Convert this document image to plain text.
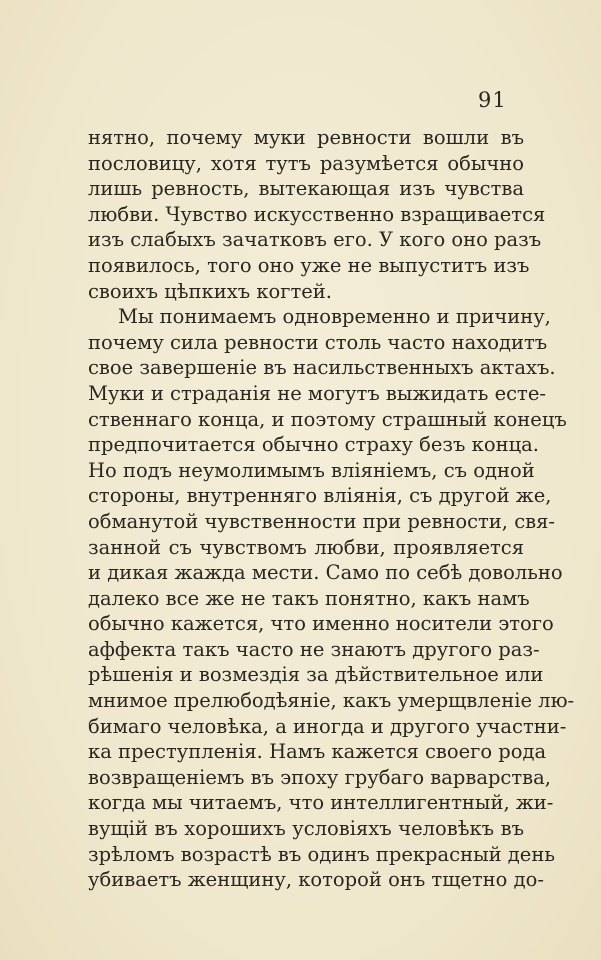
91
нятно, почему муки ревности вошли въ
пословицу, хотя тутъ разумѣется обычно
лишь ревность, вытекающая изъ чувства
любви. Чувство искусственно взращивается
изъ слабыхъ зачатковъ его. У кого оно разъ
появилось, того оно уже не выпуститъ изъ
своихъ цѣпкихъ когтей.
Мы понимаемъ одновременно и причину,
почему сила ревности столь часто находитъ
свое завершеніе въ насильственныхъ актахъ.
Муки и страданія не могутъ выжидать есте-
ственнаго конца, и поэтому страшный конецъ
предпочитается обычно страху безъ конца.
Но подъ неумолимымъ вліяніемъ, съ одной
стороны, внутренняго вліянія, съ другой же,
обманутой чувственности при ревности, свя-
занной съ чувствомъ любви, проявляется
и дикая жажда мести. Само по себѣ довольно
далеко все же не такъ понятно, какъ намъ
обычно кажется, что именно носители этого
аффекта такъ часто не знаютъ другого раз-
рѣшенія и возмездія за дѣйствительное или
мнимое прелюбодѣяніе, какъ умерщвленіе лю-
бимаго человѣка, а иногда и другого участни-
ка преступленія. Намъ кажется своего рода
возвращеніемъ въ эпоху грубаго варварства,
когда мы читаемъ, что интеллигентный, жи-
вущій въ хорошихъ условіяхъ человѣкъ въ
зрѣломъ возрастѣ въ одинъ прекрасный день
убиваетъ женщину, которой онъ тщетно до-
